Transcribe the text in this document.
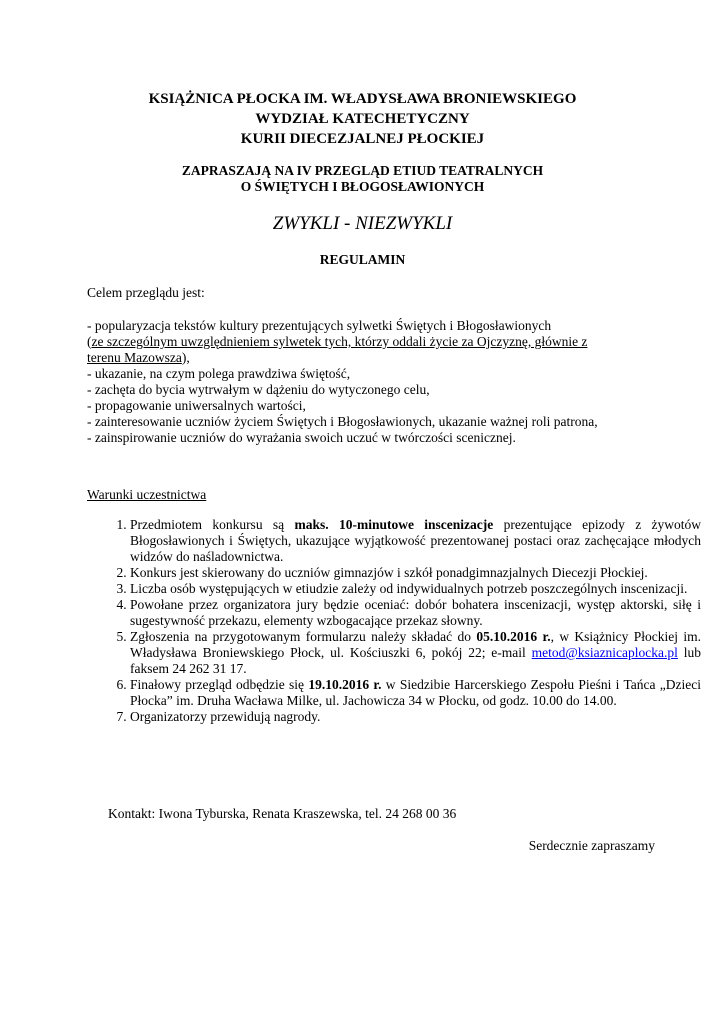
KSIĄŻNICA PŁOCKA IM. WŁADYSŁAWA BRONIEWSKIEGO
WYDZIAŁ KATECHETYCZNY
KURII DIECEZJALNEJ PŁOCKIEJ
ZAPRASZAJĄ NA IV PRZEGLĄD ETIUD TEATRALNYCH
O ŚWIĘTYCH I BŁOGOSŁAWIONYCH
ZWYKLI - NIEZWYKLI
REGULAMIN
Celem przeglądu jest:
- popularyzacja tekstów kultury prezentujących sylwetki Świętych i Błogosławionych
(ze szczególnym uwzględnieniem sylwetek tych, którzy oddali życie za Ojczyznę, głównie z
terenu Mazowsza),
- ukazanie, na czym polega prawdziwa świętość,
- zachęta do bycia wytrwałym w dążeniu do wytyczonego celu,
- propagowanie uniwersalnych wartości,
- zainteresowanie uczniów życiem Świętych i Błogosławionych, ukazanie ważnej roli patrona,
- zainspirowanie uczniów do wyrażania swoich uczuć w twórczości scenicznej.
Warunki uczestnictwa
1. Przedmiotem konkursu są maks. 10-minutowe inscenizacje prezentujące epizody z żywotów Błogosławionych i Świętych, ukazujące wyjątkowość prezentowanej postaci oraz zachęcające młodych widzów do naśladownictwa.
2. Konkurs jest skierowany do uczniów gimnazjów i szkół ponadgimnazjalnych Diecezji Płockiej.
3. Liczba osób występujących w etiudzie zależy od indywidualnych potrzeb poszczególnych inscenizacji.
4. Powołane przez organizatora jury będzie oceniać: dobór bohatera inscenizacji, występ aktorski, siłę i sugestywność przekazu, elementy wzbogacające przekaz słowny.
5. Zgłoszenia na przygotowanym formularzu należy składać do 05.10.2016 r., w Książnicy Płockiej im. Władysława Broniewskiego Płock, ul. Kościuszki 6, pokój 22; e-mail metod@ksiaznicaplocka.pl lub faksem 24 262 31 17.
6. Finałowy przegląd odbędzie się 19.10.2016 r. w Siedzibie Harcerskiego Zespołu Pieśni i Tańca „Dzieci Płocka” im. Druha Wacława Milke, ul. Jachowicza 34 w Płocku, od godz. 10.00 do 14.00.
7. Organizatorzy przewidują nagrody.
Kontakt: Iwona Tyburska, Renata Kraszewska, tel. 24 268 00 36
Serdecznie zapraszamy
